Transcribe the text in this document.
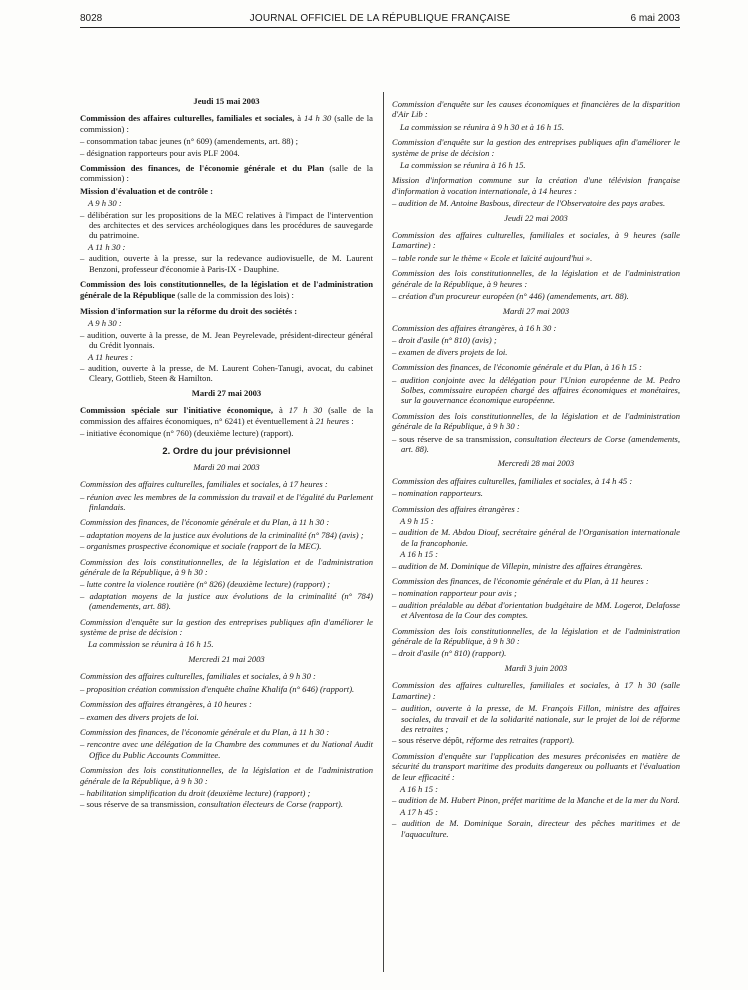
8028	JOURNAL OFFICIEL DE LA RÉPUBLIQUE FRANÇAISE	6 mai 2003
Jeudi 15 mai 2003

Commission des affaires culturelles, familiales et sociales, à 14 h 30 (salle de la commission) :

– consommation tabac jeunes (n° 609) (amendements, art. 88) ;

– désignation rapporteurs pour avis PLF 2004.

Commission des finances, de l'économie générale et du Plan (salle de la commission) :

Mission d'évaluation et de contrôle :

A 9 h 30 :

– délibération sur les propositions de la MEC relatives à l'impact de l'intervention des architectes et des services archéologiques dans les procédures de sauvegarde du patrimoine.

A 11 h 30 :

– audition, ouverte à la presse, sur la redevance audiovisuelle, de M. Laurent Benzoni, professeur d'économie à Paris-IX - Dauphine.

Commission des lois constitutionnelles, de la législation et de l'administration générale de la République (salle de la commission des lois) :

Mission d'information sur la réforme du droit des sociétés :

A 9 h 30 :

– audition, ouverte à la presse, de M. Jean Peyrelevade, président-directeur général du Crédit lyonnais.

A 11 heures :

– audition, ouverte à la presse, de M. Laurent Cohen-Tanugi, avocat, du cabinet Cleary, Gottlieb, Steen & Hamilton.

Mardi 27 mai 2003

Commission spéciale sur l'initiative économique, à 17 h 30 (salle de la commission des affaires économiques, n° 6241) et éventuellement à 21 heures :

– initiative économique (n° 760) (deuxième lecture) (rapport).

2. Ordre du jour prévisionnel
Mardi 20 mai 2003

Commission des affaires culturelles, familiales et sociales, à 17 heures :

– réunion avec les membres de la commission du travail et de l'égalité du Parlement finlandais.

Commission des finances, de l'économie générale et du Plan, à 11 h 30 :

– adaptation moyens de la justice aux évolutions de la criminalité (n° 784) (avis) ;

– organismes prospective économique et sociale (rapport de la MEC).

Commission des lois constitutionnelles, de la législation et de l'administration générale de la République, à 9 h 30 :

– lutte contre la violence routière (n° 826) (deuxième lecture) (rapport) ;

– adaptation moyens de la justice aux évolutions de la criminalité (n° 784) (amendements, art. 88).

Commission d'enquête sur la gestion des entreprises publiques afin d'améliorer le système de prise de décision :

La commission se réunira à 16 h 15.

Mercredi 21 mai 2003

Commission des affaires culturelles, familiales et sociales, à 9 h 30 :

– proposition création commission d'enquête chaîne Khalifa (n° 646) (rapport).

Commission des affaires étrangères, à 10 heures :

– examen des divers projets de loi.

Commission des finances, de l'économie générale et du Plan, à 11 h 30 :

– rencontre avec une délégation de la Chambre des communes et du National Audit Office du Public Accounts Committee.

Commission des lois constitutionnelles, de la législation et de l'administration générale de la République, à 9 h 30 :

– habilitation simplification du droit (deuxième lecture) (rapport) ;

– sous réserve de sa transmission, consultation électeurs de Corse (rapport).

Commission d'enquête sur les causes économiques et financières de la disparition d'Air Lib :

La commission se réunira à 9 h 30 et à 16 h 15.

Commission d'enquête sur la gestion des entreprises publiques afin d'améliorer le système de prise de décision :

La commission se réunira à 16 h 15.

Mission d'information commune sur la création d'une télévision française d'information à vocation internationale, à 14 heures :

– audition de M. Antoine Basbous, directeur de l'Observatoire des pays arabes.

Jeudi 22 mai 2003

Commission des affaires culturelles, familiales et sociales, à 9 heures (salle Lamartine) :

– table ronde sur le thème « Ecole et laïcité aujourd'hui ».

Commission des lois constitutionnelles, de la législation et de l'administration générale de la République, à 9 heures :

– création d'un procureur européen (n° 446) (amendements, art. 88).

Mardi 27 mai 2003

Commission des affaires étrangères, à 16 h 30 :

– droit d'asile (n° 810) (avis) ;

– examen de divers projets de loi.

Commission des finances, de l'économie générale et du Plan, à 16 h 15 :

– audition conjointe avec la délégation pour l'Union européenne de M. Pedro Solbes, commissaire européen chargé des affaires économiques et monétaires, sur la gouvernance économique européenne.

Commission des lois constitutionnelles, de la législation et de l'administration générale de la République, à 9 h 30 :

– sous réserve de sa transmission, consultation électeurs de Corse (amendements, art. 88).

Mercredi 28 mai 2003

Commission des affaires culturelles, familiales et sociales, à 14 h 45 :

– nomination rapporteurs.

Commission des affaires étrangères :

A 9 h 15 :

– audition de M. Abdou Diouf, secrétaire général de l'Organisation internationale de la francophonie.

A 16 h 15 :

– audition de M. Dominique de Villepin, ministre des affaires étrangères.

Commission des finances, de l'économie générale et du Plan, à 11 heures :

– nomination rapporteur pour avis ;

– audition préalable au débat d'orientation budgétaire de MM. Logerot, Delafosse et Alventosa de la Cour des comptes.

Commission des lois constitutionnelles, de la législation et de l'administration générale de la République, à 9 h 30 :

– droit d'asile (n° 810) (rapport).

Mardi 3 juin 2003

Commission des affaires culturelles, familiales et sociales, à 17 h 30 (salle Lamartine) :

– audition, ouverte à la presse, de M. François Fillon, ministre des affaires sociales, du travail et de la solidarité nationale, sur le projet de loi de réforme des retraites ;

– sous réserve dépôt, réforme des retraites (rapport).

Commission d'enquête sur l'application des mesures préconisées en matière de sécurité du transport maritime des produits dangereux ou polluants et l'évaluation de leur efficacité :

A 16 h 15 :

– audition de M. Hubert Pinon, préfet maritime de la Manche et de la mer du Nord.

A 17 h 45 :

– audition de M. Dominique Sorain, directeur des pêches maritimes et de l'aquaculture.
